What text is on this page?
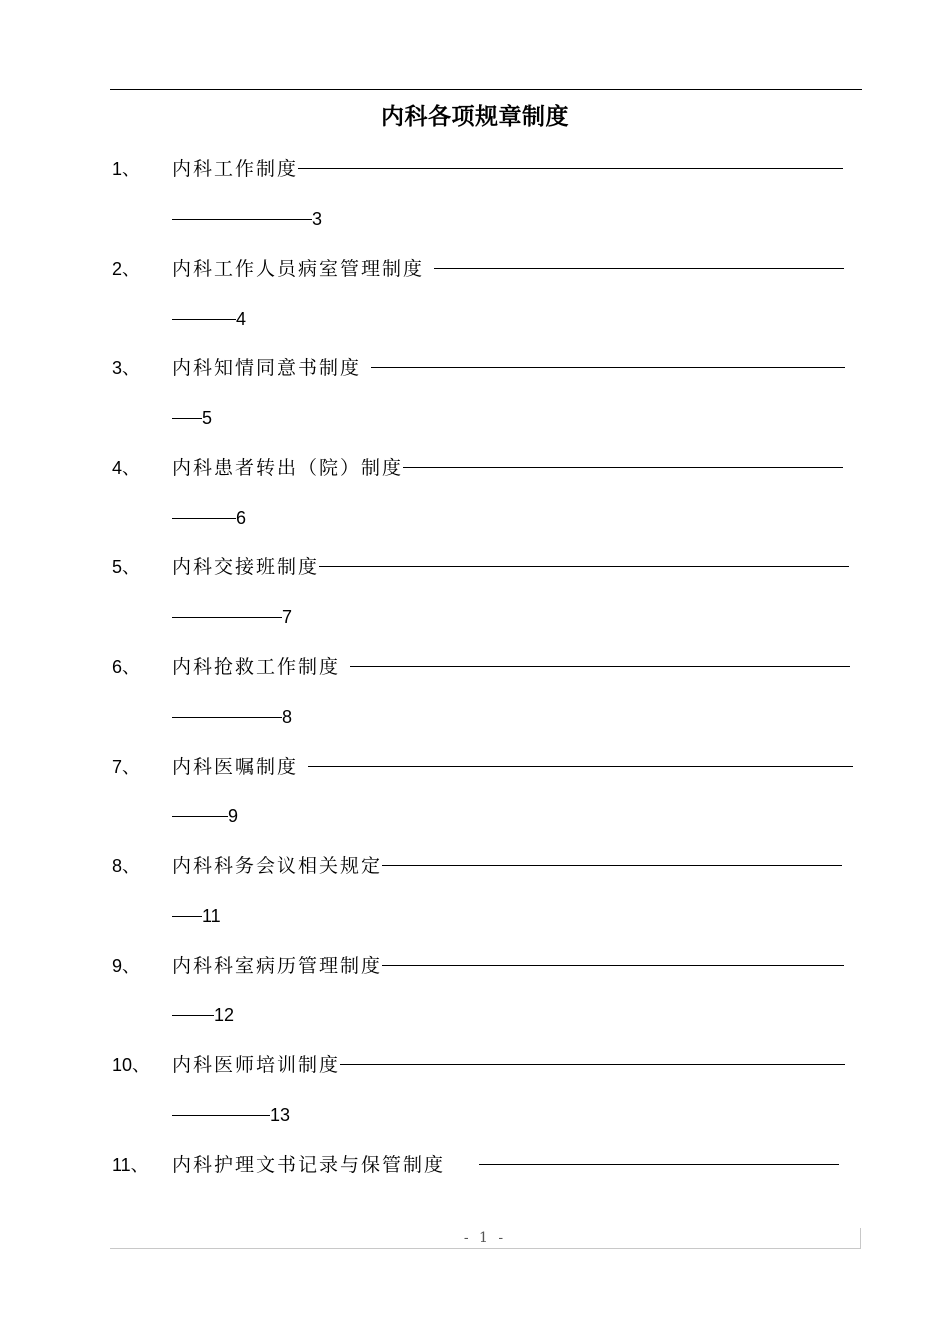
内科各项规章制度
1、 内科工作制度
3
2、 内科工作人员病室管理制度
4
3、 内科知情同意书制度
5
4、 内科患者转出（院）制度
6
5、 内科交接班制度
7
6、 内科抢救工作制度
8
7、 内科医嘱制度
9
8、 内科科务会议相关规定
11
9、 内科科室病历管理制度
12
10、 内科医师培训制度
13
11、 内科护理文书记录与保管制度
- 1 -
